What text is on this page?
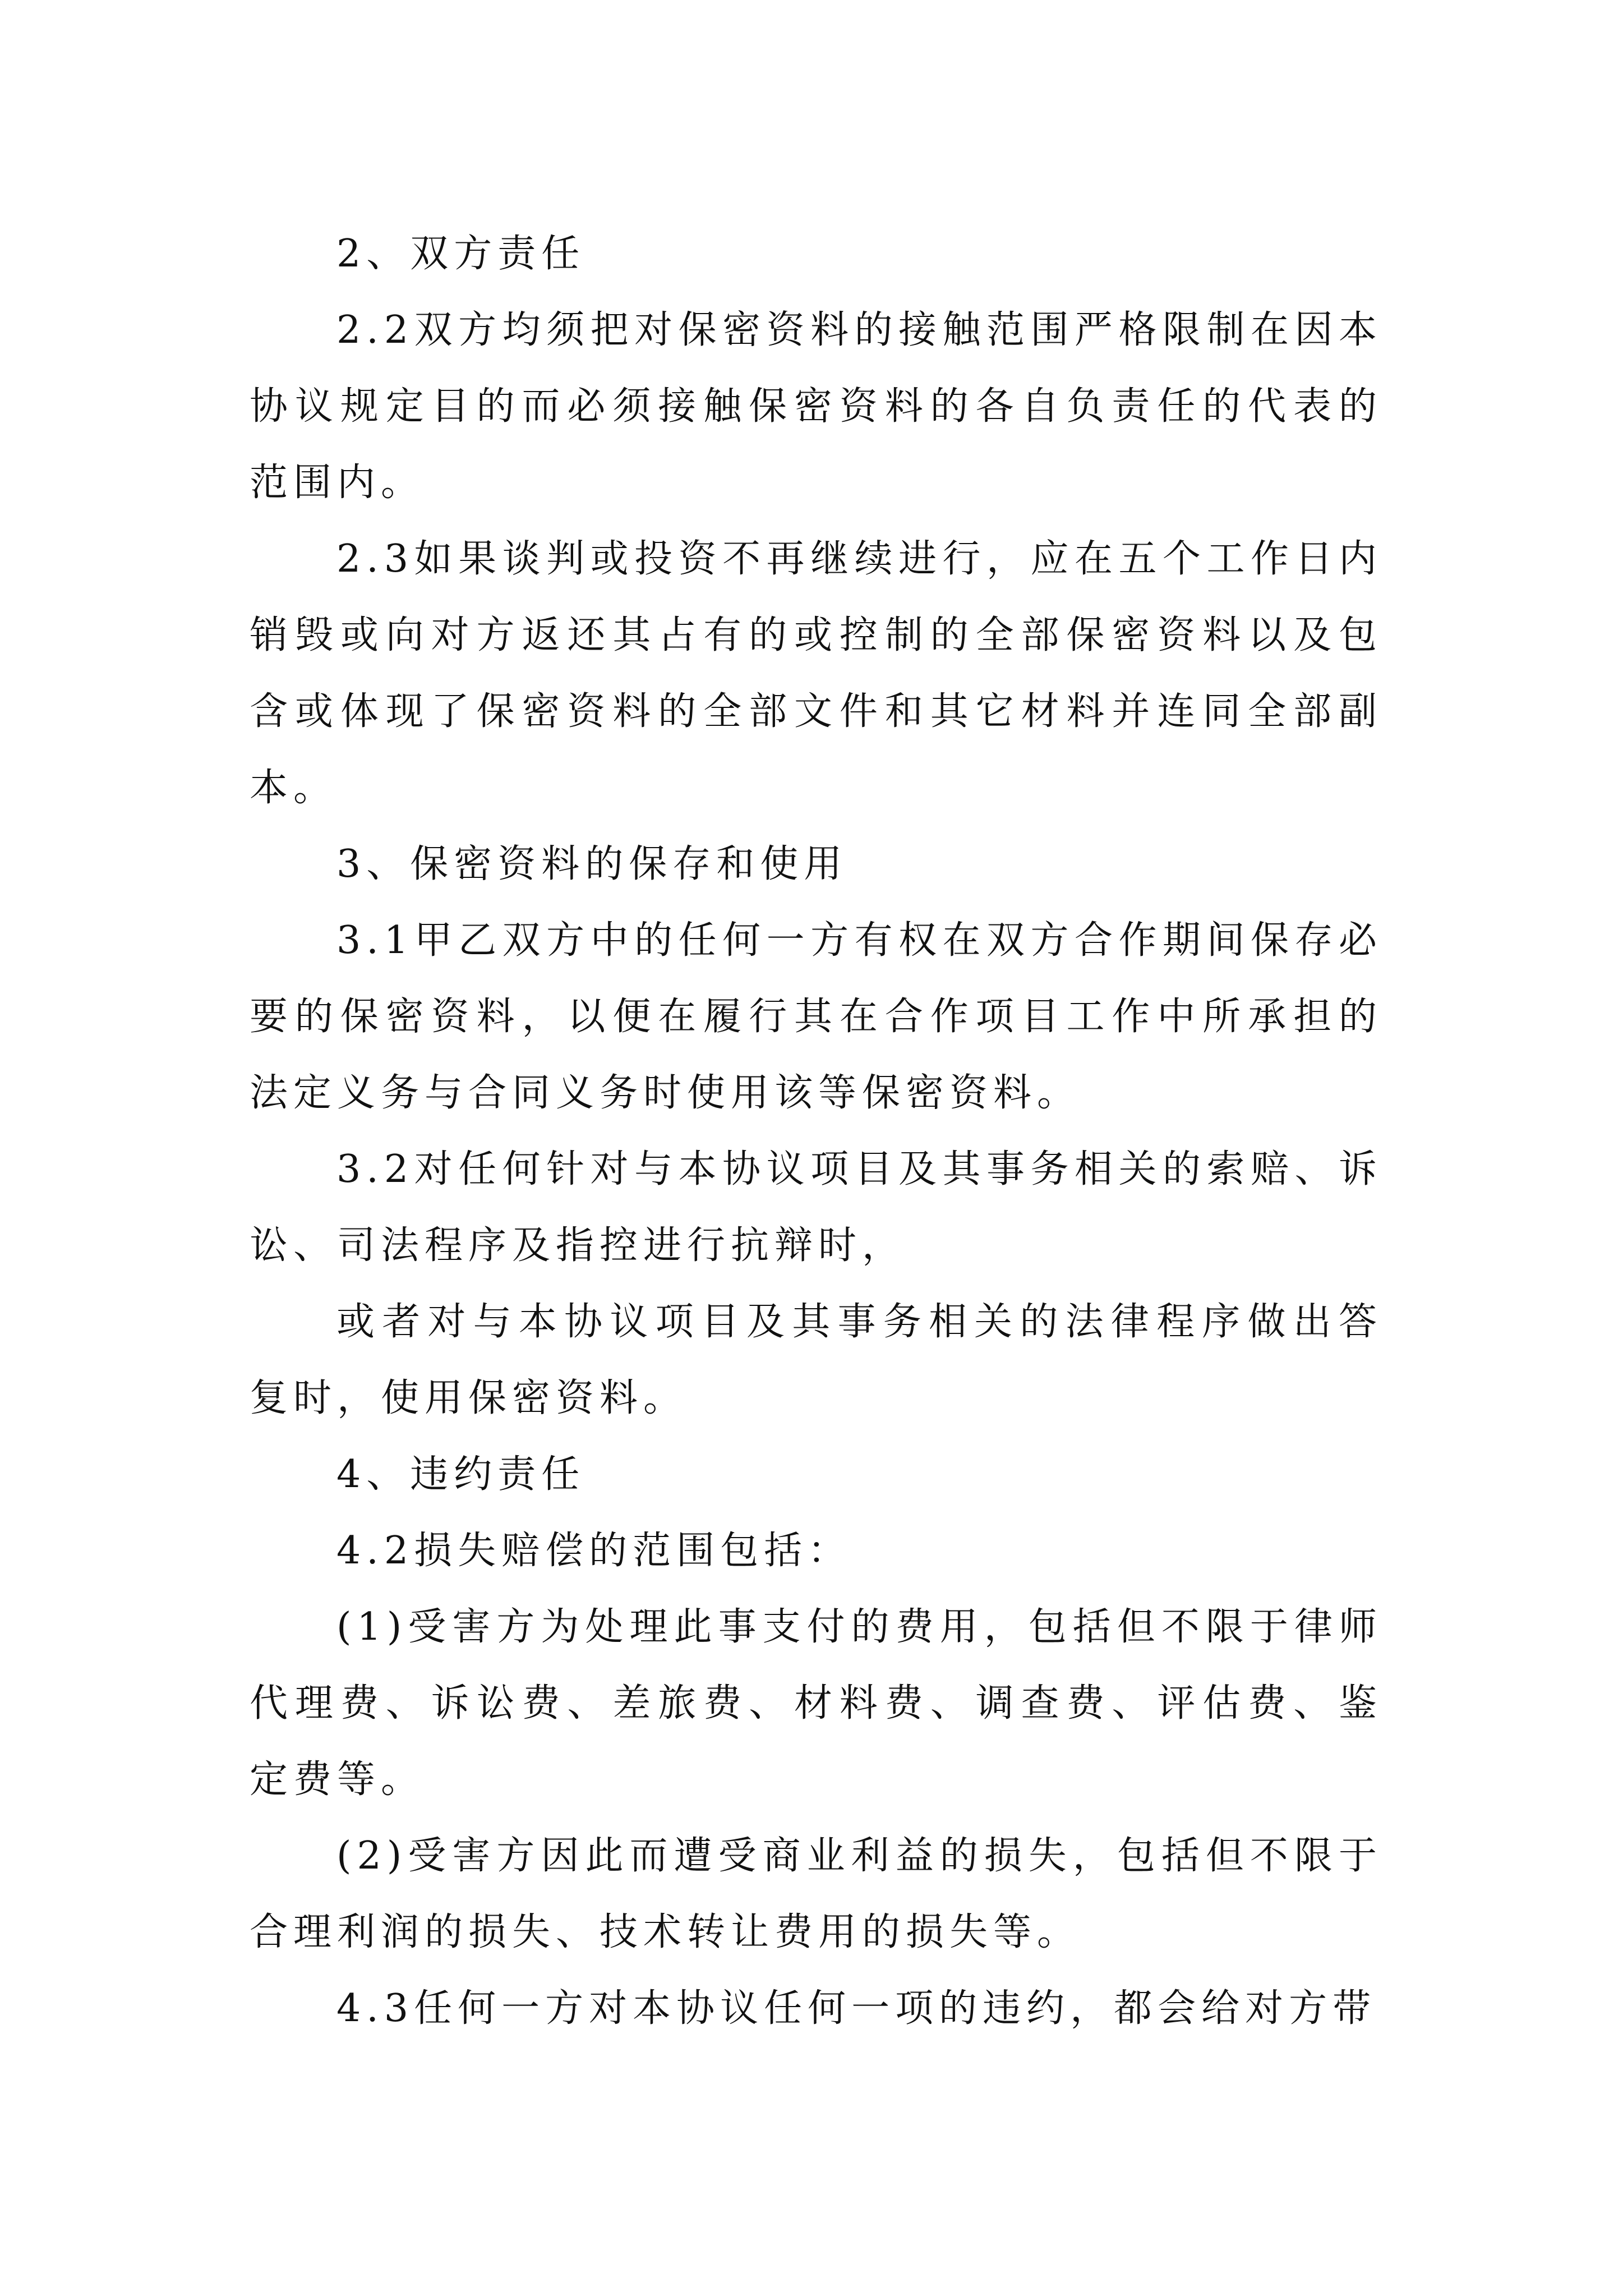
2、双方责任

2.2双方均须把对保密资料的接触范围严格限制在因本协议规定目的而必须接触保密资料的各自负责任的代表的范围内。

2.3如果谈判或投资不再继续进行，应在五个工作日内销毁或向对方返还其占有的或控制的全部保密资料以及包含或体现了保密资料的全部文件和其它材料并连同全部副本。

3、保密资料的保存和使用

3.1甲乙双方中的任何一方有权在双方合作期间保存必要的保密资料，以便在履行其在合作项目工作中所承担的法定义务与合同义务时使用该等保密资料。

3.2对任何针对与本协议项目及其事务相关的索赔、诉讼、司法程序及指控进行抗辩时，

或者对与本协议项目及其事务相关的法律程序做出答复时，使用保密资料。

4、违约责任

4.2损失赔偿的范围包括：

(1)受害方为处理此事支付的费用，包括但不限于律师代理费、诉讼费、差旅费、材料费、调查费、评估费、鉴定费等。

(2)受害方因此而遭受商业利益的损失，包括但不限于合理利润的损失、技术转让费用的损失等。

4.3任何一方对本协议任何一项的违约，都会给对方带
